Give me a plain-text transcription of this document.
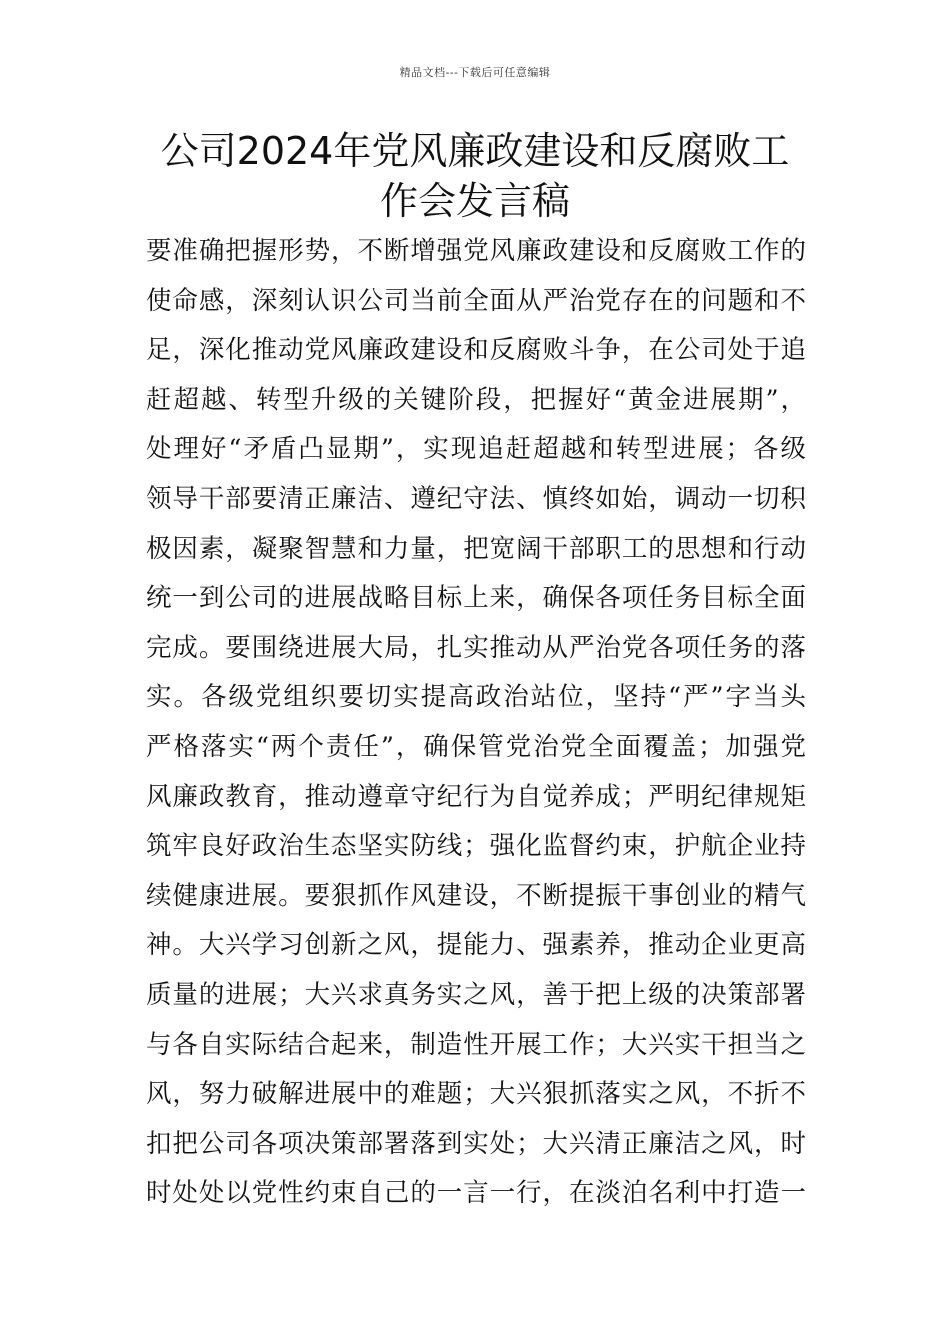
精品文档---下载后可任意编辑
公司2024年党风廉政建设和反腐败工
作会发言稿
要准确把握形势，不断增强党风廉政建设和反腐败工作的
使命感，深刻认识公司当前全面从严治党存在的问题和不
足，深化推动党风廉政建设和反腐败斗争，在公司处于追
赶超越、转型升级的关键阶段，把握好“黄金进展期”，
处理好“矛盾凸显期”，实现追赶超越和转型进展；各级
领导干部要清正廉洁、遵纪守法、慎终如始，调动一切积
极因素，凝聚智慧和力量，把宽阔干部职工的思想和行动
统一到公司的进展战略目标上来，确保各项任务目标全面
完成。要围绕进展大局，扎实推动从严治党各项任务的落
实。各级党组织要切实提高政治站位，坚持“严”字当头
严格落实“两个责任”，确保管党治党全面覆盖；加强党
风廉政教育，推动遵章守纪行为自觉养成；严明纪律规矩
筑牢良好政治生态坚实防线；强化监督约束，护航企业持
续健康进展。要狠抓作风建设，不断提振干事创业的精气
神。大兴学习创新之风，提能力、强素养，推动企业更高
质量的进展；大兴求真务实之风，善于把上级的决策部署
与各自实际结合起来，制造性开展工作；大兴实干担当之
风，努力破解进展中的难题；大兴狠抓落实之风，不折不
扣把公司各项决策部署落到实处；大兴清正廉洁之风，时
时处处以党性约束自己的一言一行，在淡泊名利中打造一
